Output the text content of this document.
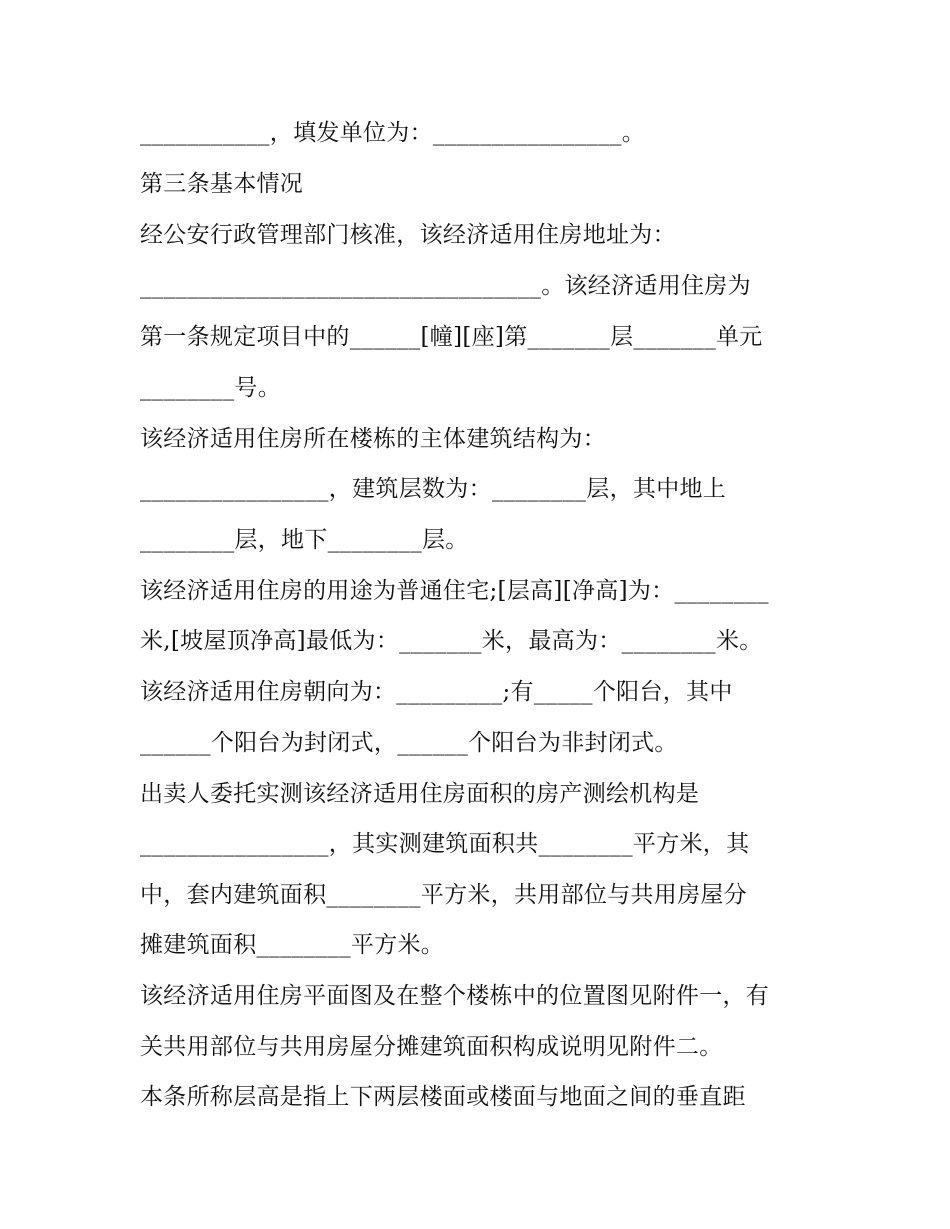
___________，填发单位为：________________。
第三条基本情况
经公安行政管理部门核准，该经济适用住房地址为：
__________________________________。该经济适用住房为
第一条规定项目中的______[幢][座]第_______层_______单元
________号。
该经济适用住房所在楼栋的主体建筑结构为：
________________，建筑层数为：________层，其中地上
________层，地下________层。
该经济适用住房的用途为普通住宅;[层高][净高]为：________
米,[坡屋顶净高]最低为：_______米，最高为：________米。
该经济适用住房朝向为：_________;有_____个阳台，其中
______个阳台为封闭式，______个阳台为非封闭式。
出卖人委托实测该经济适用住房面积的房产测绘机构是
________________，其实测建筑面积共________平方米，其
中，套内建筑面积________平方米，共用部位与共用房屋分
摊建筑面积________平方米。
该经济适用住房平面图及在整个楼栋中的位置图见附件一，有
关共用部位与共用房屋分摊建筑面积构成说明见附件二。
本条所称层高是指上下两层楼面或楼面与地面之间的垂直距
